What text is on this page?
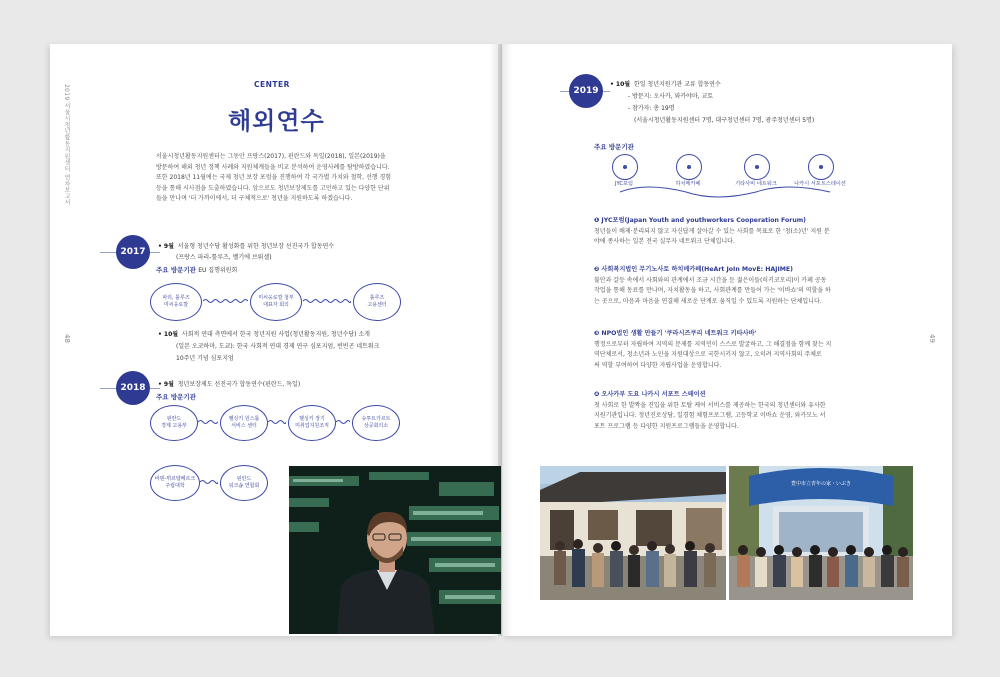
2019 서울시청년활동지원센터 연차보고서
48
CENTER
해외연수
서울시청년활동지원센터는 그동안 프랑스(2017), 핀란드와 독일(2018), 일본(2019)을
방문하여 해외 청년 정책 사례와 지원체계들을 비교 분석하여 운영사례를 탐방하였습니다.
또한 2018년 11월에는 국제 청년 보장 포럼을 진행하여 각 국가별 가치와 철학, 선행 경험
등을 통해 시사점을 도출하였습니다. 앞으로도 청년보장제도를 고민하고 있는 다양한 단위
들을 만나며 '더 가까이에서, 더 구체적으로' 청년을 지원하도록 하겠습니다.
2017
• 9월 서울형 청년수당 활성화를 위한 청년보장 선진국가 합동연수
(프랑스 파리-툴루즈, 벨기에 브뤼셀)
주요 방문기관 EU 집행위원회
파리, 툴루즈
미씨옹로깔
미씨옹로깔 청부
대표자 회의
툴루즈
고용센터
• 10월 사회적 연대 측면에서 한국 청년지원 사업(청년활동지원, 청년수당) 소개
(일본 오코하마, 도쿄): 한국 사회적 연대 경제 연구 심포지엄, 빈빈곤 네트워크
10주년 기념 심포지엄
2018	• 9월 청년보장제도 선진국가 합동연수(핀란드, 독일)
주요 방문기관
핀란드
경제 고용부
헬싱키 원스톱
서비스 센터
헬싱키 장기
미취업지원조직
슈투트가르트
상공회의소
바덴-뷔르템베르크
주립대학
핀란드
워크숍 연합회
49
2019
• 10월 한일 청년지원기관 교류 합동연수
- 방문지: 오사카, 와카야마, 교토
- 참가자: 총 19명
(서울시청년활동지원센터 7명, 대구청년센터 7명, 광주청년센터 5명)
주요 방문기관
JYC포럼	하치메카페	기타사비 네트워크	나카시 서포트스테이션
❶ JYC포럼(Japan Youth and youthworkers Cooperation Forum)
청년들이 배제·분리되지 않고 자신답게 살아갈 수 있는 사회를 목표로 한 '청(소)년' 지원 분
야에 종사하는 일본 전국 실무자 네트워크 단체입니다.
❷ 사회복지법인 무기노사토 하치메카페(HeArt JoIn MovE: HAJIME)
불안과 갈등 속에서 사회와의 관계에서 조금 시간을 둔 젊은이들(히키코모리)이 카페 공동
작업을 통해 동료를 만나며, 자치활동을 하고, 사회관계를 만들어 가는 '이바쇼'의 역할을 하
는 곳으로, 마음과 마음을 연결해 새로운 단계로 움직일 수 있도록 지원하는 단체입니다.
❸ NPO법인 생활 만들기 '쿠라시즈쿠리 네트워크 키타사바'
행정으로부터 자립하여 지역의 문제를 지역민이 스스로 발굴하고, 그 해결점을 함께 찾는 지
역단체로서, 청소년과 노인을 지원대상으로 국한시키지 않고, 오히려 지역사회의 주체로
써 역할 부여하여 다양한 자립사업을 운영합니다.
❹ 오사카부 도요 나카시 서포트 스테이션
첫 사회로 한 발짝을 진입을 위한 토탈 케어 서비스를 제공하는 한국의 청년센터와 유사한
지원기관입니다. 정년진로상담, 일경험 체험프로그램, 고등학교 이바쇼 운영, 와카모노 서
포트 프로그램 등 다양한 지원프로그램들을 운영합니다.
豊中市立青年の家・いぶき
